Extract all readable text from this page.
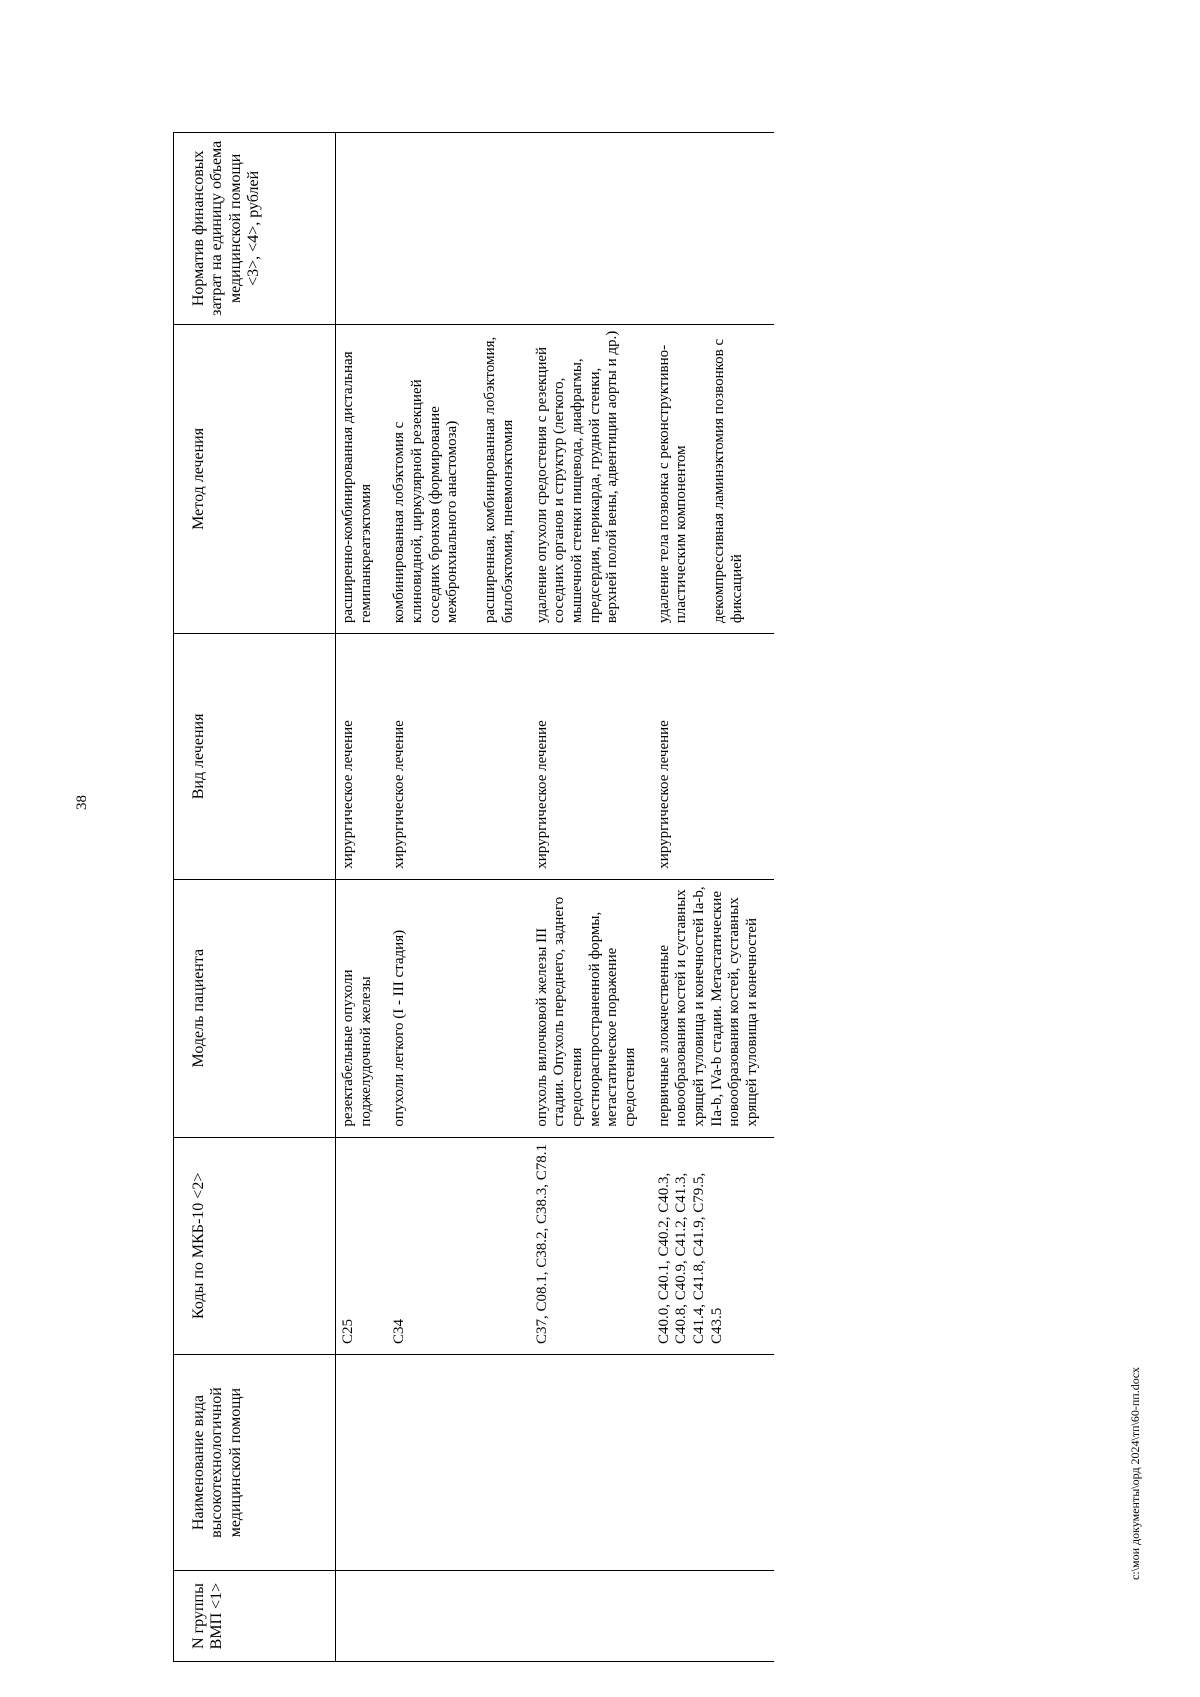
38
N группы ВМП <1>	Наименование вида высокотехнологичной медицинской помощи	Коды по МКБ-10 <2>	Модель пациента	Вид лечения	Метод лечения	Норматив финансовых затрат на единицу объема медицинской помощи <3>, <4>, рублей
		C25	резектабельные опухоли поджелудочной железы	хирургическое лечение	расширенно-комбинированная дистальная гемипанкреатэктомия	
		C34	опухоли легкого (I - III стадия)	хирургическое лечение	комбинированная лобэктомия с клиновидной, циркулярной резекцией соседних бронхов (формирование межбронхиального анастомоза) расширенная, комбинированная лобэктомия, билобэктомия, пневмонэктомия	
		C37, C08.1, C38.2, C38.3, C78.1	опухоль вилочковой железы III стадии. Опухоль переднего, заднего средостения местнораспространенной формы, метастатическое поражение средостения	хирургическое лечение	удаление опухоли средостения с резекцией соседних органов и структур (легкого, мышечной стенки пищевода, диафрагмы, предсердия, перикарда, грудной стенки, верхней полой вены, адвентиции аорты и др.)	
		C40.0, C40.1, C40.2, C40.3, C40.8, C40.9, C41.2, C41.3, C41.4, C41.8, C41.9, C79.5, C43.5	первичные злокачественные новообразования костей и суставных хрящей туловища и конечностей Ia-b, IIa-b, IVa-b стадии. Метастатические новообразования костей, суставных хрящей туловища и конечностей	хирургическое лечение	удаление тела позвонка с реконструктивно-пластическим компонентом декомпрессивная ламинэктомия позвонков с фиксацией	
c:\мои документы\орд 2024\тп\60-пп.docx
